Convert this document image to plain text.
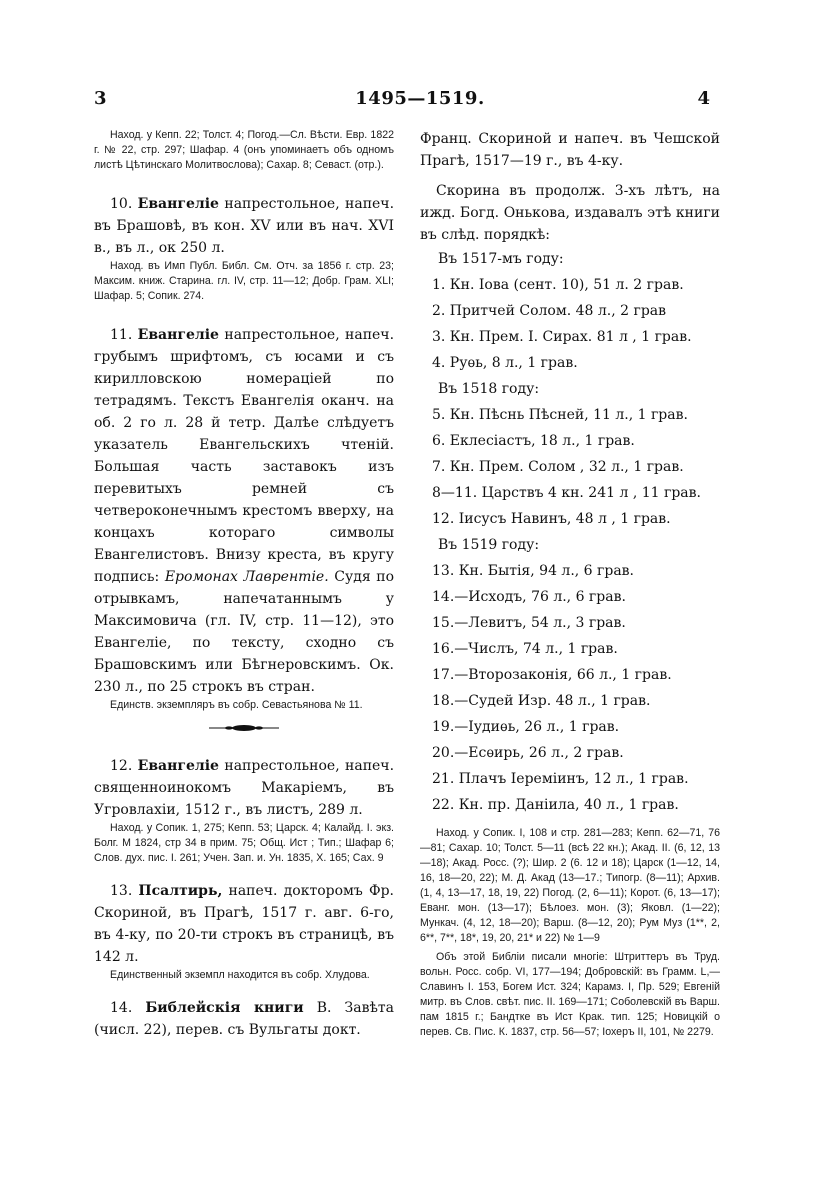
3	1495—1519.	4

Наход. у Кепп. 22; Толст. 4; Погод.—Сл. Вѣсти. Евр. 1822 г. № 22, стр. 297; Шафар. 4 (онъ упоминаетъ объ одномъ листѣ Цѣтинскаго Молитвослова); Сахар. 8; Севаст. (отр.).

10. Евангеліе напрестольное, напеч. въ Брашовѣ, въ кон. XV или въ нач. XVI в., въ л., ок 250 л.

Наход. въ Имп Публ. Библ. См. Отч. за 1856 г. стр. 23; Максим. книж. Старина. гл. IV, стр. 11—12; Добр. Грам. XLI; Шафар. 5; Сопик. 274.

11. Евангеліе напрестольное, напеч. грубымъ шрифтомъ, съ юсами и съ кирилловскою номераціей по тетрадямъ. Текстъ Евангелія оканч. на об. 2 го л. 28 й тетр. Далѣе слѣдуетъ указатель Евангельскихъ чтеній. Большая часть заставокъ изъ перевитыхъ ремней съ четвероконечнымъ крестомъ вверху, на концахъ котораго символы Евангелистовъ. Внизу креста, въ кругу подпись: Еромонах Лаврентіе. Судя по отрывкамъ, напечатаннымъ у Максимовича (гл. IV, стр. 11—12), это Евангеліе, по тексту, сходно съ Брашовскимъ или Бѣгнеровскимъ. Ок. 230 л., по 25 строкъ въ стран.

Единств. экземпляръ въ собр. Севастьянова № 11.

12. Евангеліе напрестольное, напеч. священноинокомъ Макаріемъ, въ Угровлахіи, 1512 г., въ листъ, 289 л.

Наход. у Сопик. 1, 275; Кепп. 53; Царск. 4; Калайд. I. экз. Болг. М 1824, стр 34 в прим. 75; Общ. Ист ; Тип.; Шафар 6; Слов. дух. пис. I. 261; Учен. Зап. и. Ун. 1835, X. 165; Сах. 9

13. Псалтирь, напеч. докторомъ Фр. Скориной, въ Прагѣ, 1517 г. авг. 6-го, въ 4-ку, по 20-ти строкъ въ страницѣ, въ 142 л.

Единственный экземпл находится въ собр. Хлудова.

14. Библейскія книги В. Завѣта (числ. 22), перев. съ Вульгаты докт.

Франц. Скориной и напеч. въ Чешской Прагѣ, 1517—19 г., въ 4-ку.

Скорина въ продолж. 3-хъ лѣтъ, на ижд. Богд. Онькова, издавалъ этѣ книги въ слѣд. порядкѣ:

Въ 1517-мъ году:

1. Кн. Іова (сент. 10), 51 л. 2 грав.

2. Притчей Солом. 48 л., 2 грав

3. Кн. Прем. I. Сирах. 81 л , 1 грав.

4. Руѳь, 8 л., 1 грав.

Въ 1518 году:

5. Кн. Пѣснь Пѣсней, 11 л., 1 грав.

6. Еклесіастъ, 18 л., 1 грав.

7. Кн. Прем. Солом , 32 л., 1 грав.

8—11. Царствъ 4 кн. 241 л , 11 грав.

12. Іисусъ Навинъ, 48 л , 1 грав.

Въ 1519 году:

13. Кн. Бытія, 94 л., 6 грав.

14.—Исходъ, 76 л., 6 грав.

15.—Левитъ, 54 л., 3 грав.

16.—Числъ, 74 л., 1 грав.

17.—Второзаконія, 66 л., 1 грав.

18.—Судей Изр. 48 л., 1 грав.

19.—Іудиѳь, 26 л., 1 грав.

20.—Есѳирь, 26 л., 2 грав.

21. Плачъ Іереміинъ, 12 л., 1 грав.

22. Кн. пр. Даніила, 40 л., 1 грав.

Наход. у Сопик. I, 108 и стр. 281—283; Кепп. 62—71, 76—81; Сахар. 10; Толст. 5—11 (всѣ 22 кн.); Акад. II. (6, 12, 13—18); Акад. Росс. (?); Шир. 2 (6. 12 и 18); Царск (1—12, 14, 16, 18—20, 22); М. Д. Акад (13—17.; Типогр. (8—11); Архив. (1, 4, 13—17, 18, 19, 22) Погод. (2, 6—11); Корот. (6, 13—17); Еванг. мон. (13—17); Бѣлоез. мон. (3); Яковл. (1—22); Мункач. (4, 12, 18—20); Варш. (8—12, 20); Рум Муз (1**, 2, 6**, 7**, 18*, 19, 20, 21* и 22) № 1—9

Объ этой Библіи писали многіе: Штриттеръ въ Труд. вольн. Росс. собр. VI, 177—194; Добровскій: въ Грамм. L,—Славинъ I. 153, Богем Ист. 324; Карамз. I, Пр. 529; Евгеній митр. въ Слов. свѣт. пис. II. 169—171; Соболевскій въ Варш. пам 1815 г.; Бандтке въ Ист Крак. тип. 125; Новицкій о перев. Св. Пис. К. 1837, стр. 56—57; Іохеръ II, 101, № 2279.
